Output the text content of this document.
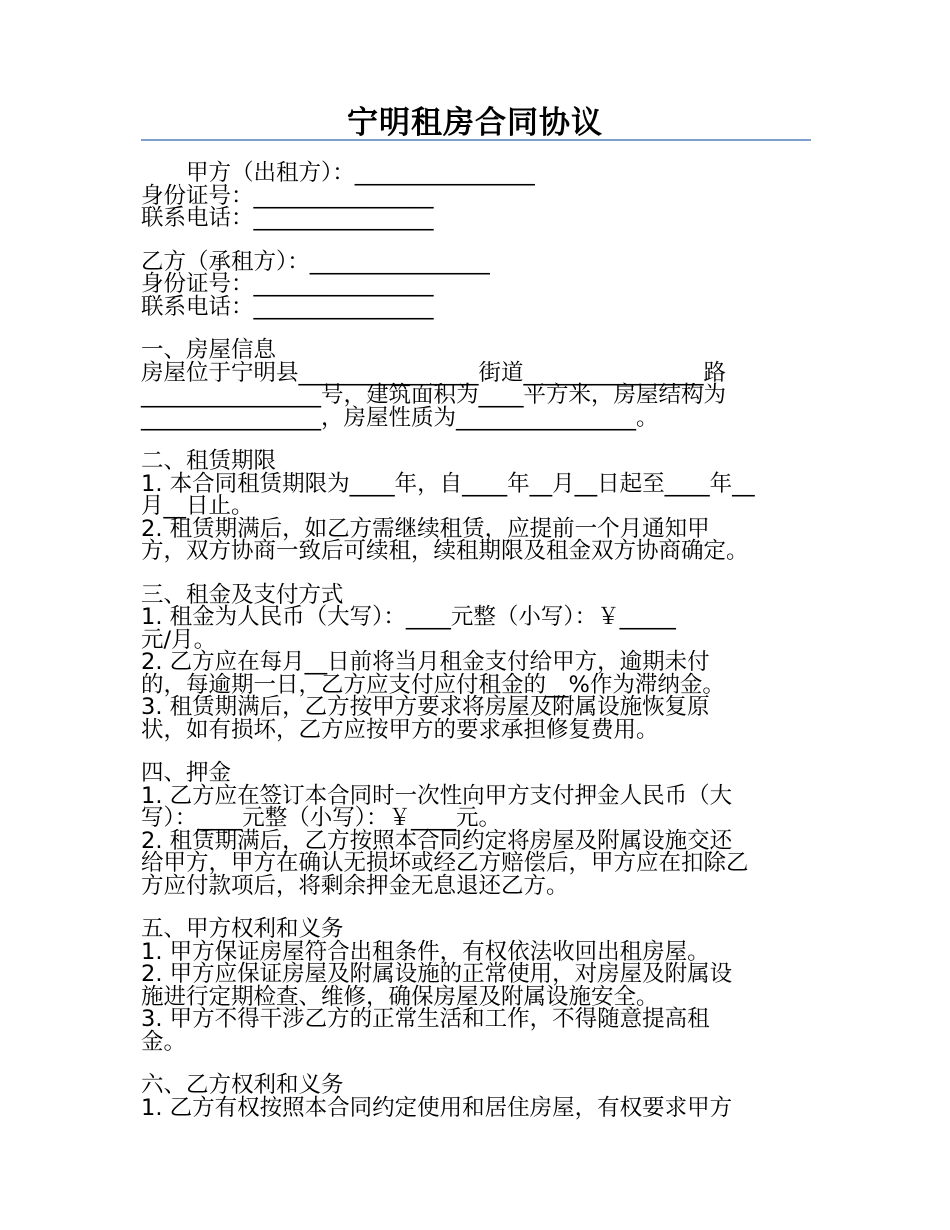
宁明租房合同协议
　　甲方（出租方）：________________
身份证号：________________
联系电话：________________
乙方（承租方）：________________
身份证号：________________
联系电话：________________
一、房屋信息
房屋位于宁明县________________街道________________路
________________号，建筑面积为____平方米，房屋结构为
________________，房屋性质为________________。
二、租赁期限
1. 本合同租赁期限为____年，自____年__月__日起至____年__
月__日止。
2. 租赁期满后，如乙方需继续租赁，应提前一个月通知甲
方，双方协商一致后可续租，续租期限及租金双方协商确定。
三、租金及支付方式
1. 租金为人民币（大写）：____元整（小写）：￥_____
元/月。
2. 乙方应在每月__日前将当月租金支付给甲方，逾期未付
的，每逾期一日，乙方应支付应付租金的__%作为滞纳金。
3. 租赁期满后，乙方按甲方要求将房屋及附属设施恢复原
状，如有损坏，乙方应按甲方的要求承担修复费用。
四、押金
1. 乙方应在签订本合同时一次性向甲方支付押金人民币（大
写）：____元整（小写）：￥____元。
2. 租赁期满后，乙方按照本合同约定将房屋及附属设施交还
给甲方，甲方在确认无损坏或经乙方赔偿后，甲方应在扣除乙
方应付款项后，将剩余押金无息退还乙方。
五、甲方权利和义务
1. 甲方保证房屋符合出租条件，有权依法收回出租房屋。
2. 甲方应保证房屋及附属设施的正常使用，对房屋及附属设
施进行定期检查、维修，确保房屋及附属设施安全。
3. 甲方不得干涉乙方的正常生活和工作，不得随意提高租
金。
六、乙方权利和义务
1. 乙方有权按照本合同约定使用和居住房屋，有权要求甲方
